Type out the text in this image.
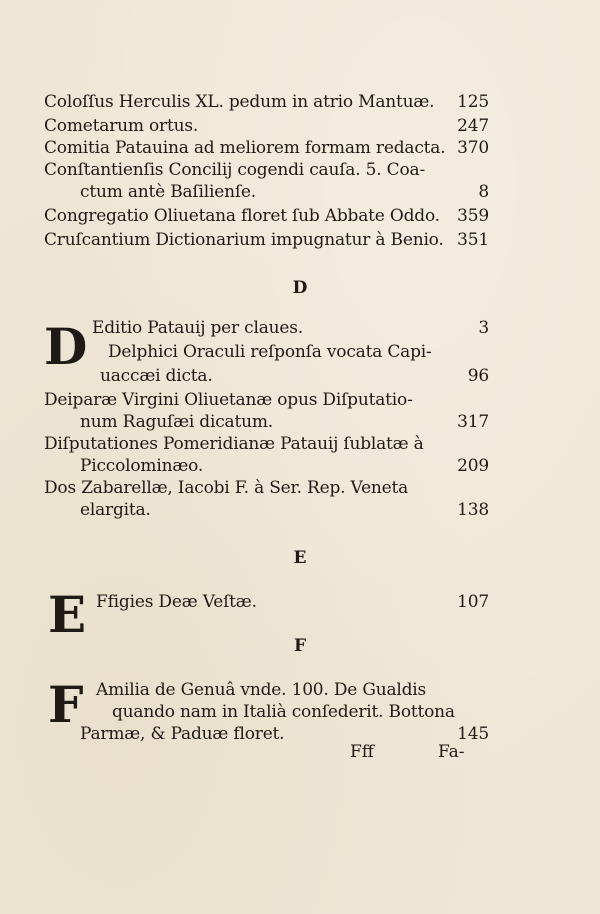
Coloſſus Herculis XL. pedum in atrio Mantuæ. 125
Cometarum ortus.	247
Comitia Patauina ad meliorem formam redacta. 370
Conſtantienſis Concilij cogendi cauſa. 5. Coa-
ctum antè Baſilienſe.	8
Congregatio Oliuetana floret ſub Abbate Oddo. 359
Cruſcantium Dictionarium impugnatur à Benio. 351
D
D Editio Patauij per claues.	3
Delphici Oraculi reſponſa vocata Capi-
uaccæi dicta.	96
Deiparæ Virgini Oliuetanæ opus Diſputatio-
num Raguſæi dicatum.	317
Diſputationes Pomeridianæ Patauij ſublatæ à
Piccolominæo.	209
Dos Zabarellæ, Iacobi F. à Ser. Rep. Veneta
elargita.	138
E
E Ffigies Deæ Veſtæ.	107
F
F Amilia de Genuâ vnde. 100. De Gualdis
quando nam in Italià conſederit. Bottona
Parmæ, & Paduæ floret.	145
Fff	Fa-
